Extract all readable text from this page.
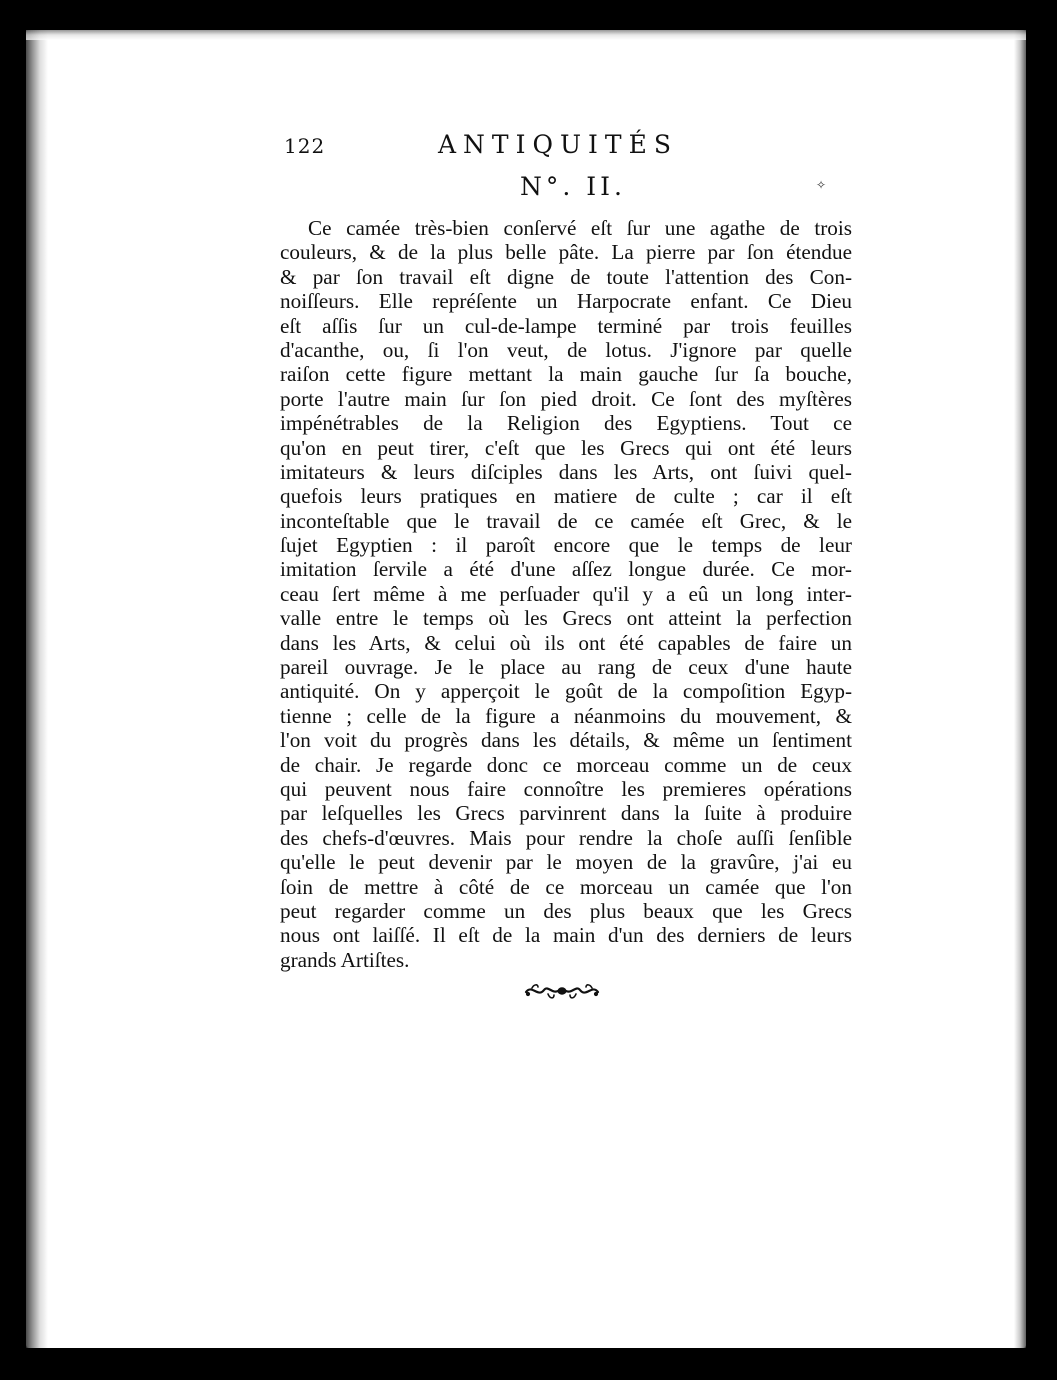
122	ANTIQUITÉS
N°. II.	✧
Ce camée très-bien conſervé eſt ſur une agathe de trois
couleurs, & de la plus belle pâte. La pierre par ſon étendue
& par ſon travail eſt digne de toute l'attention des Con-
noiſſeurs. Elle repréſente un Harpocrate enfant. Ce Dieu
eſt aſſis ſur un cul-de-lampe terminé par trois feuilles
d'acanthe, ou, ſi l'on veut, de lotus. J'ignore par quelle
raiſon cette figure mettant la main gauche ſur ſa bouche,
porte l'autre main ſur ſon pied droit. Ce ſont des myſtères
impénétrables de la Religion des Egyptiens. Tout ce
qu'on en peut tirer, c'eſt que les Grecs qui ont été leurs
imitateurs & leurs diſciples dans les Arts, ont ſuivi quel-
quefois leurs pratiques en matiere de culte ; car il eſt
inconteſtable que le travail de ce camée eſt Grec, & le
ſujet Egyptien : il paroît encore que le temps de leur
imitation ſervile a été d'une aſſez longue durée. Ce mor-
ceau ſert même à me perſuader qu'il y a eû un long inter-
valle entre le temps où les Grecs ont atteint la perfection
dans les Arts, & celui où ils ont été capables de faire un
pareil ouvrage. Je le place au rang de ceux d'une haute
antiquité. On y apperçoit le goût de la compoſition Egyp-
tienne ; celle de la figure a néanmoins du mouvement, &
l'on voit du progrès dans les détails, & même un ſentiment
de chair. Je regarde donc ce morceau comme un de ceux
qui peuvent nous faire connoître les premieres opérations
par leſquelles les Grecs parvinrent dans la ſuite à produire
des chefs-d'œuvres. Mais pour rendre la choſe auſſi ſenſible
qu'elle le peut devenir par le moyen de la gravûre, j'ai eu
ſoin de mettre à côté de ce morceau un camée que l'on
peut regarder comme un des plus beaux que les Grecs
nous ont laiſſé. Il eſt de la main d'un des derniers de leurs
grands Artiſtes.
